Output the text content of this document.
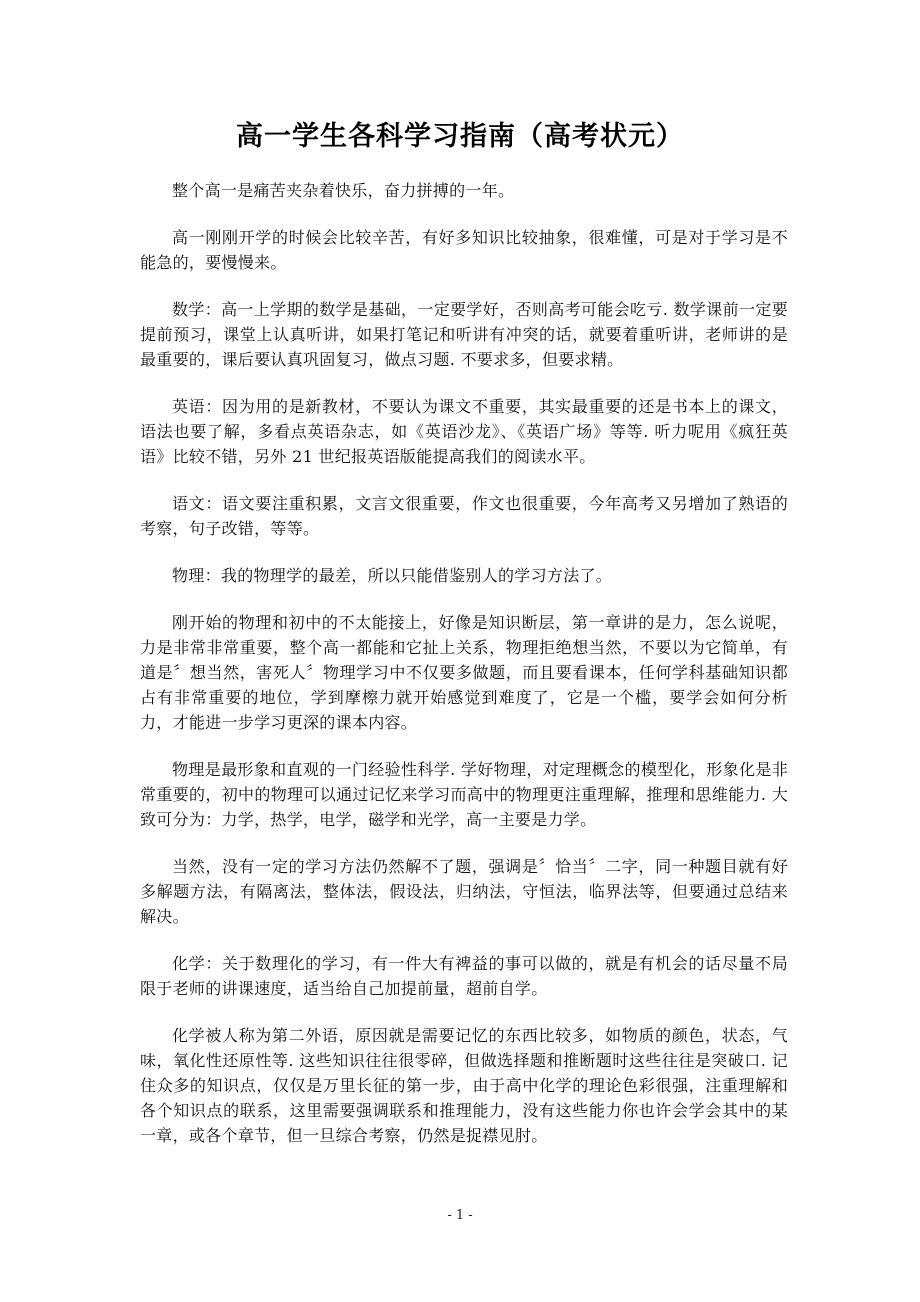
高一学生各科学习指南（高考状元）

整个高一是痛苦夹杂着快乐，奋力拼搏的一年。

高一刚刚开学的时候会比较辛苦，有好多知识比较抽象，很难懂，可是对于学习是不能急的，要慢慢来。

数学：高一上学期的数学是基础，一定要学好，否则高考可能会吃亏. 数学课前一定要提前预习，课堂上认真听讲，如果打笔记和听讲有冲突的话，就要着重听讲，老师讲的是最重要的，课后要认真巩固复习，做点习题. 不要求多，但要求精。

英语：因为用的是新教材，不要认为课文不重要，其实最重要的还是书本上的课文，语法也要了解，多看点英语杂志，如《英语沙龙》、《英语广场》等等. 听力呢用《疯狂英语》比较不错，另外 21 世纪报英语版能提高我们的阅读水平。

语文：语文要注重积累，文言文很重要，作文也很重要，今年高考又另增加了熟语的考察，句子改错，等等。

物理：我的物理学的最差，所以只能借鉴别人的学习方法了。

刚开始的物理和初中的不太能接上，好像是知识断层，第一章讲的是力，怎么说呢，力是非常非常重要，整个高一都能和它扯上关系，物理拒绝想当然，不要以为它简单，有道是〞想当然，害死人〞物理学习中不仅要多做题，而且要看课本，任何学科基础知识都占有非常重要的地位，学到摩檫力就开始感觉到难度了，它是一个槛，要学会如何分析力，才能进一步学习更深的课本内容。

物理是最形象和直观的一门经验性科学. 学好物理，对定理概念的模型化，形象化是非常重要的，初中的物理可以通过记忆来学习而高中的物理更注重理解，推理和思维能力. 大致可分为：力学，热学，电学，磁学和光学，高一主要是力学。

当然，没有一定的学习方法仍然解不了题，强调是〞恰当〞二字，同一种题目就有好多解题方法，有隔离法，整体法，假设法，归纳法，守恒法，临界法等，但要通过总结来解决。

化学：关于数理化的学习，有一件大有裨益的事可以做的，就是有机会的话尽量不局限于老师的讲课速度，适当给自己加提前量，超前自学。

化学被人称为第二外语，原因就是需要记忆的东西比较多，如物质的颜色，状态，气味，氧化性还原性等. 这些知识往往很零碎，但做选择题和推断题时这些往往是突破口. 记住众多的知识点，仅仅是万里长征的第一步，由于高中化学的理论色彩很强，注重理解和各个知识点的联系，这里需要强调联系和推理能力，没有这些能力你也许会学会其中的某一章，或各个章节，但一旦综合考察，仍然是捉襟见肘。

- 1 -
